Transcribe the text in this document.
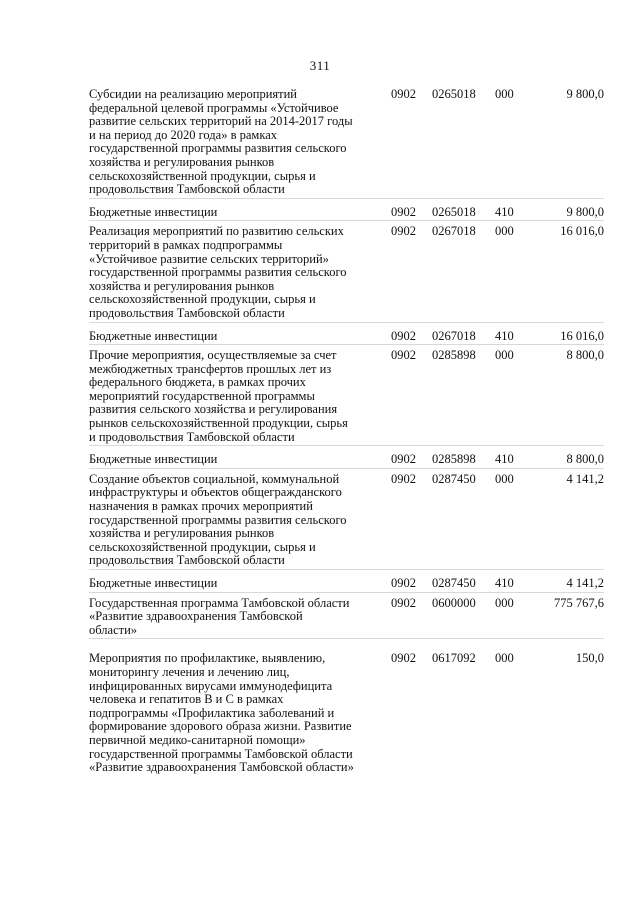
311
Субсидии на реализацию мероприятий
федеральной целевой программы «Устойчивое
развитие сельских территорий на 2014-2017 годы
и на период до 2020 года» в рамках
государственной программы развития сельского
хозяйства и регулирования рынков
сельскохозяйственной продукции, сырья и
продовольствия Тамбовской области
0902	0265018	000	9 800,0
Бюджетные инвестиции	0902	0265018	410	9 800,0
Реализация мероприятий по развитию сельских
территорий в рамках подпрограммы
«Устойчивое развитие сельских территорий»
государственной программы развития сельского
хозяйства и регулирования рынков
сельскохозяйственной продукции, сырья и
продовольствия Тамбовской области
0902	0267018	000	16 016,0
Бюджетные инвестиции	0902	0267018	410	16 016,0
Прочие мероприятия, осуществляемые за счет
межбюджетных трансфертов прошлых лет из
федерального бюджета, в рамках прочих
мероприятий государственной программы
развития сельского хозяйства и регулирования
рынков сельскохозяйственной продукции, сырья
и продовольствия Тамбовской области
0902	0285898	000	8 800,0
Бюджетные инвестиции	0902	0285898	410	8 800,0
Создание объектов социальной, коммунальной
инфраструктуры и объектов общегражданского
назначения в рамках прочих мероприятий
государственной программы развития сельского
хозяйства и регулирования рынков
сельскохозяйственной продукции, сырья и
продовольствия Тамбовской области
0902	0287450	000	4 141,2
Бюджетные инвестиции	0902	0287450	410	4 141,2
Государственная программа Тамбовской области
«Развитие здравоохранения Тамбовской
области»
0902	0600000	000	775 767,6
Мероприятия по профилактике, выявлению,
мониторингу лечения и лечению лиц,
инфицированных вирусами иммунодефицита
человека и гепатитов B и C в рамках
подпрограммы «Профилактика заболеваний и
формирование здорового образа жизни. Развитие
первичной медико-санитарной помощи»
государственной программы Тамбовской области
«Развитие здравоохранения Тамбовской области»
0902	0617092	000	150,0
